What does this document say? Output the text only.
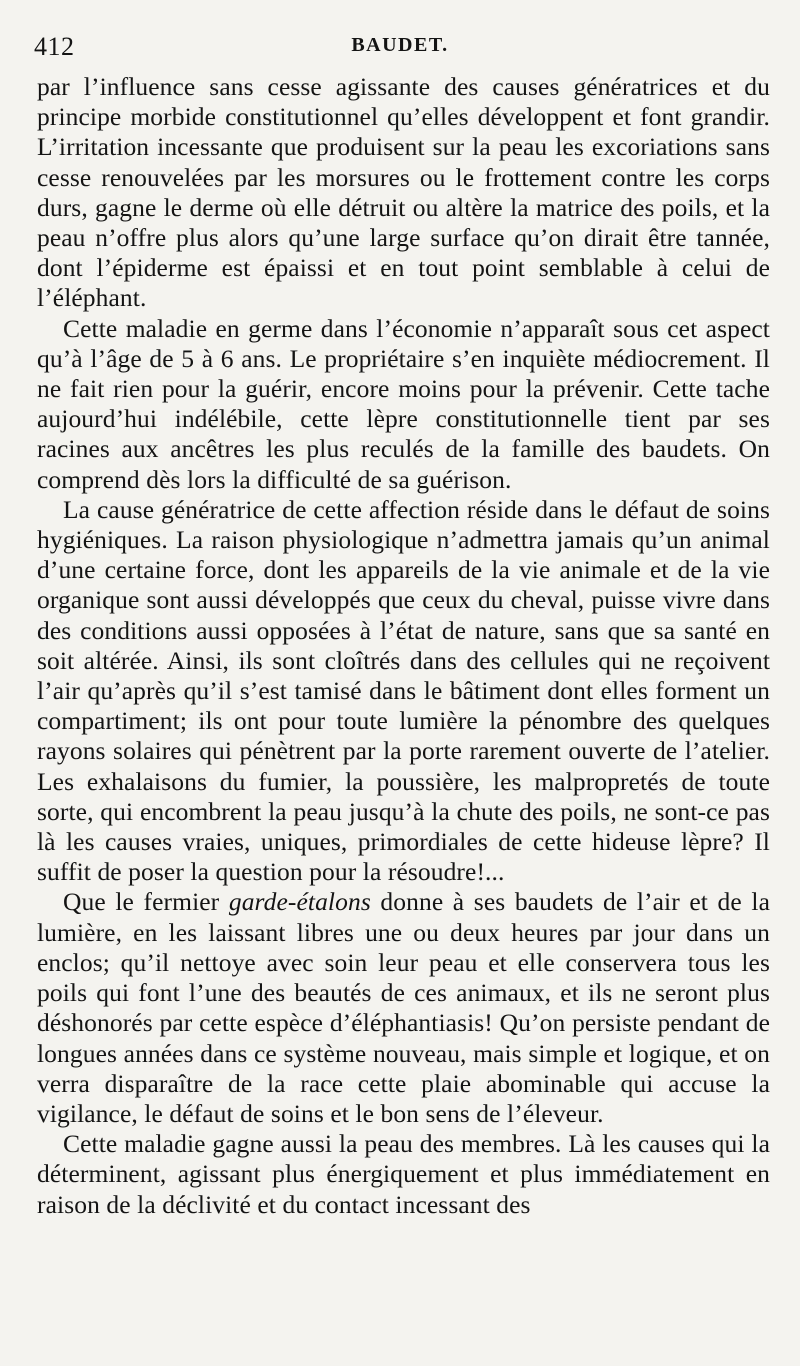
412	BAUDET.

par l’influence sans cesse agissante des causes génératrices et du principe morbide constitutionnel qu’elles développent et font grandir. L’irritation incessante que produisent sur la peau les excoriations sans cesse renouvelées par les morsures ou le frottement contre les corps durs, gagne le derme où elle détruit ou altère la matrice des poils, et la peau n’offre plus alors qu’une large surface qu’on dirait être tannée, dont l’épiderme est épaissi et en tout point semblable à celui de l’éléphant.

Cette maladie en germe dans l’économie n’apparaît sous cet aspect qu’à l’âge de 5 à 6 ans. Le propriétaire s’en inquiète médiocrement. Il ne fait rien pour la guérir, encore moins pour la prévenir. Cette tache aujourd’hui indélébile, cette lèpre constitutionnelle tient par ses racines aux ancêtres les plus reculés de la famille des baudets. On comprend dès lors la difficulté de sa guérison.

La cause génératrice de cette affection réside dans le défaut de soins hygiéniques. La raison physiologique n’admettra jamais qu’un animal d’une certaine force, dont les appareils de la vie animale et de la vie organique sont aussi développés que ceux du cheval, puisse vivre dans des conditions aussi opposées à l’état de nature, sans que sa santé en soit altérée. Ainsi, ils sont cloîtrés dans des cellules qui ne reçoivent l’air qu’après qu’il s’est tamisé dans le bâtiment dont elles forment un compartiment; ils ont pour toute lumière la pénombre des quelques rayons solaires qui pénètrent par la porte rarement ouverte de l’atelier. Les exhalaisons du fumier, la poussière, les malpropretés de toute sorte, qui encombrent la peau jusqu’à la chute des poils, ne sont-ce pas là les causes vraies, uniques, primordiales de cette hideuse lèpre? Il suffit de poser la question pour la résoudre!...

Que le fermier garde-étalons donne à ses baudets de l’air et de la lumière, en les laissant libres une ou deux heures par jour dans un enclos; qu’il nettoye avec soin leur peau et elle conservera tous les poils qui font l’une des beautés de ces animaux, et ils ne seront plus déshonorés par cette espèce d’éléphantiasis! Qu’on persiste pendant de longues années dans ce système nouveau, mais simple et logique, et on verra disparaître de la race cette plaie abominable qui accuse la vigilance, le défaut de soins et le bon sens de l’éleveur.

Cette maladie gagne aussi la peau des membres. Là les causes qui la déterminent, agissant plus énergiquement et plus immédiatement en raison de la déclivité et du contact incessant des
